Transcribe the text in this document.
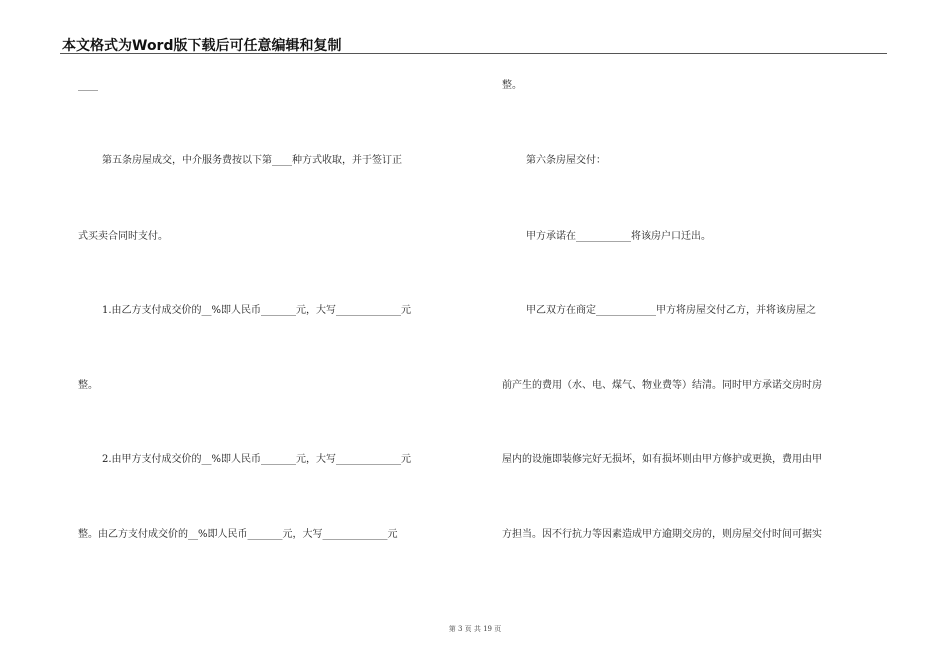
本文格式为Word版下载后可任意编辑和复制
____
第五条房屋成交，中介服务费按以下第____种方式收取，并于签订正
式买卖合同时支付。
1.由乙方支付成交价的__%即人民币_______元，大写_____________元
整。
2.由甲方支付成交价的__%即人民币_______元，大写_____________元
整。由乙方支付成交价的__%即人民币_______元，大写_____________元
整。
第六条房屋交付：
甲方承诺在___________将该房户口迁出。
甲乙双方在商定____________甲方将房屋交付乙方，并将该房屋之
前产生的费用（水、电、煤气、物业费等）结清。同时甲方承诺交房时房
屋内的设施即装修完好无损坏，如有损坏则由甲方修护或更换，费用由甲
方担当。因不行抗力等因素造成甲方逾期交房的，则房屋交付时间可据实
第 3 页 共 19 页
